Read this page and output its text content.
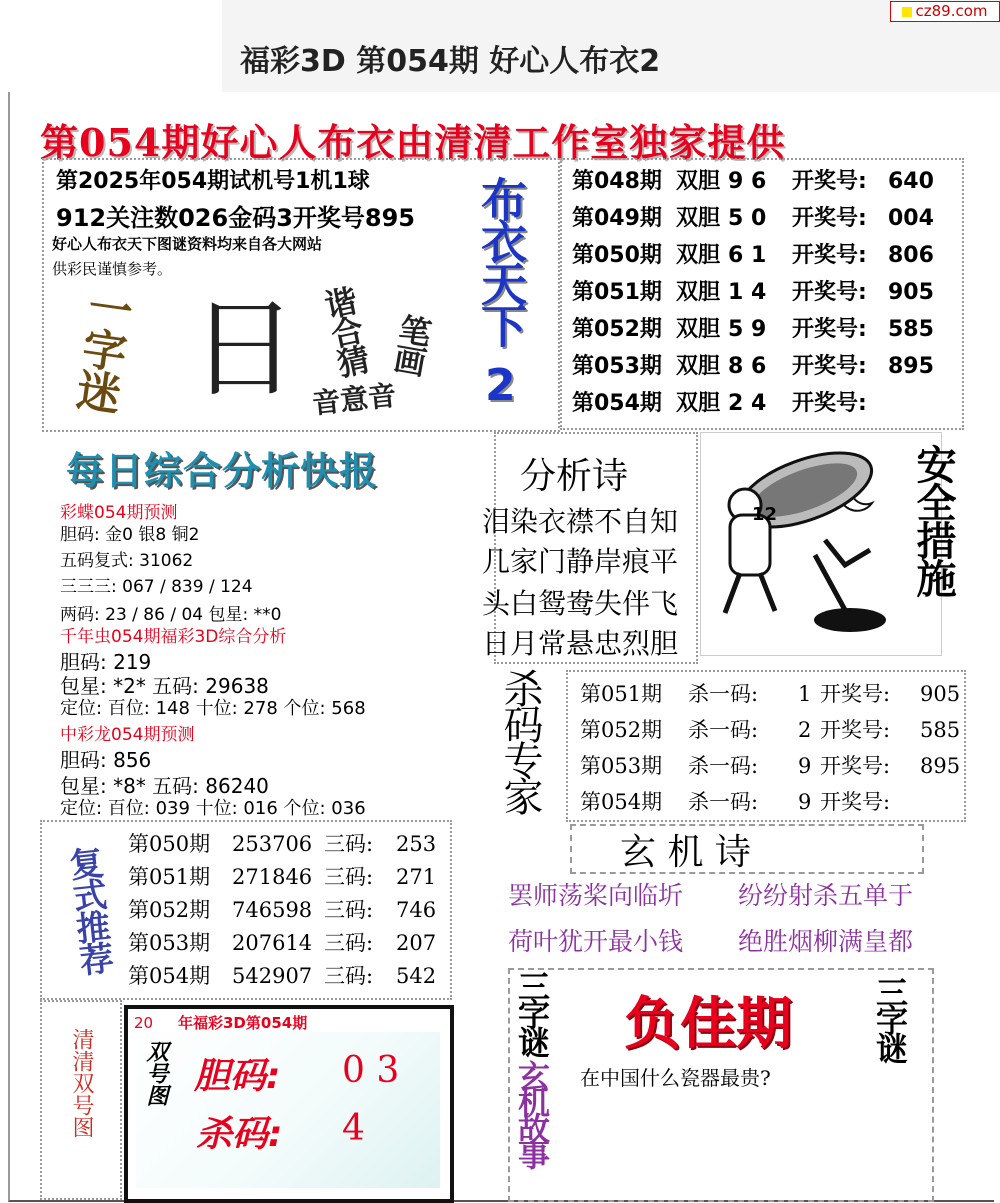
福彩3D 第054期 好心人布衣2
cz89.com
第054期好心人布衣由清清工作室独家提供
第2025年054期试机号1机1球
912关注数026金码3开奖号895
好心人布衣天下图谜资料均来自各大网站
供彩民谨慎参考。	布衣天下
2
一字迷 日 谐合猜 笔画
音意音
第048期 双胆 9 6 开奖号: 640
第049期 双胆 5 0 开奖号: 004
第050期 双胆 6 1 开奖号: 806
第051期 双胆 1 4 开奖号: 905
第052期 双胆 5 9 开奖号: 585
第053期 双胆 8 6 开奖号: 895
第054期 双胆 2 4 开奖号:
每日综合分析快报
彩蝶054期预测
胆码: 金0 银8 铜2
五码复式: 31062
三三三: 067 / 839 / 124
两码: 23 / 86 / 04 包星: **0
千年虫054期福彩3D综合分析
胆码: 219
包星: *2* 五码: 29638
定位: 百位: 148 十位: 278 个位: 568
中彩龙054期预测
胆码: 856
包星: *8* 五码: 86240
定位: 百位: 039 十位: 016 个位: 036
分析诗
泪染衣襟不自知
几家门静岸痕平
头白鸳鸯失伴飞
日月常悬忠烈胆
12	安全措施
杀码专家 第051期 杀一码: 1 开奖号: 905
第052期 杀一码: 2 开奖号: 585
第053期 杀一码: 9 开奖号: 895
第054期 杀一码: 9 开奖号:
复式推荐
第050期 253706 三码: 253
第051期 271846 三码: 271
第052期 746598 三码: 746
第053期 207614 三码: 207
第054期 542907 三码: 542
玄 机 诗
罢师荡桨向临圻 纷纷射杀五单于
荷叶犹开最小钱 绝胜烟柳满皇都
清清双号图
20 年福彩3D第054期
双号图 胆码: 0 3
杀码: 4
三字谜
玄机故事
三字谜
负佳期
在中国什么瓷器最贵?
